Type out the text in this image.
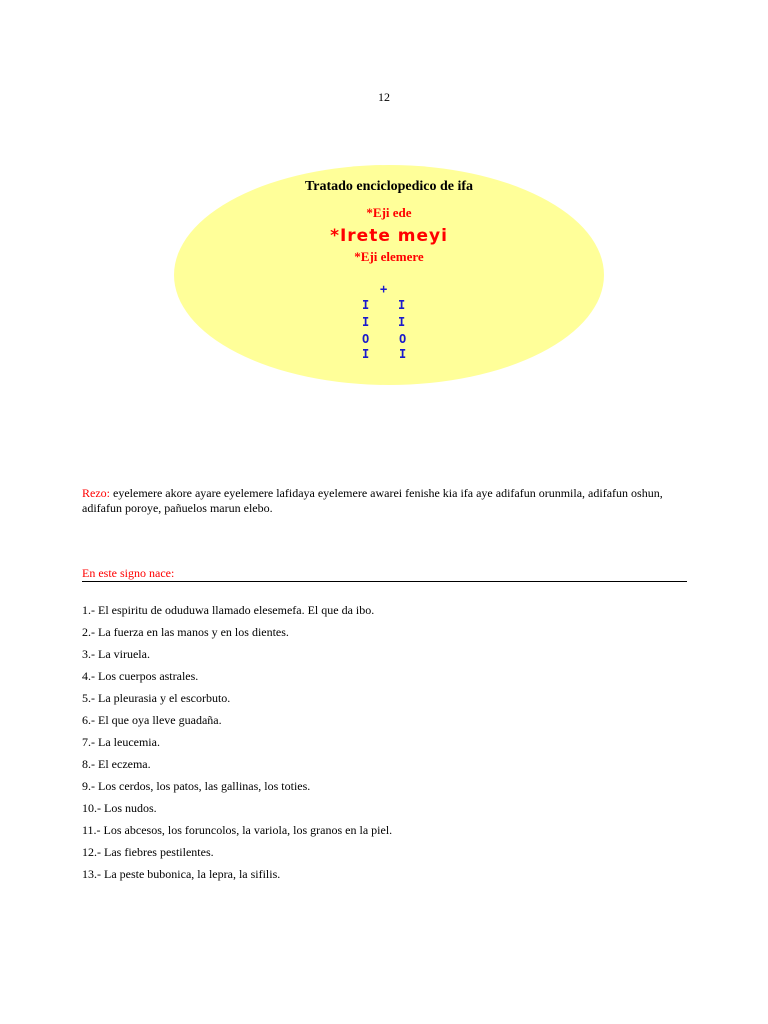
12
Tratado enciclopedico de ifa
*Eji ede
*Irete meyi
*Eji elemere
+
I
I
O
I
I
I
O
I
Rezo: eyelemere akore ayare eyelemere lafidaya eyelemere awarei fenishe kia ifa aye adifafun orunmila, adifafun oshun, adifafun poroye, pañuelos marun elebo.
En este signo nace:
1.- El espiritu de oduduwa llamado elesemefa. El que da ibo.
2.- La fuerza en las manos y en los dientes.
3.- La viruela.
4.- Los cuerpos astrales.
5.- La pleurasia y el escorbuto.
6.- El que oya lleve guadaña.
7.- La leucemia.
8.- El eczema.
9.- Los cerdos, los patos, las gallinas, los toties.
10.- Los nudos.
11.- Los abcesos, los foruncolos, la variola, los granos en la piel.
12.- Las fiebres pestilentes.
13.- La peste bubonica, la lepra, la sifilis.
